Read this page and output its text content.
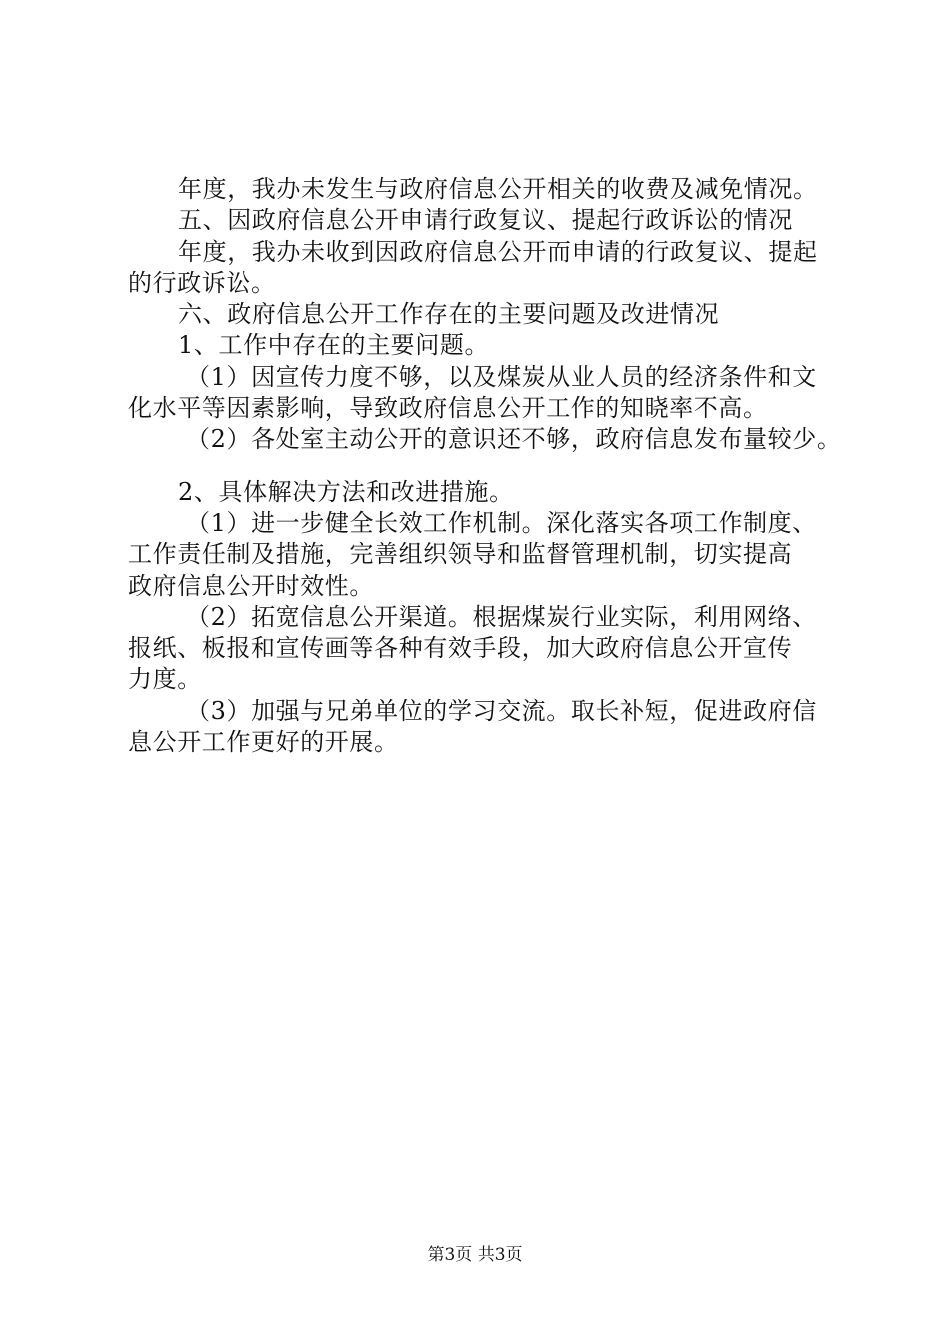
年度，我办未发生与政府信息公开相关的收费及减免情况。
五、因政府信息公开申请行政复议、提起行政诉讼的情况
年度，我办未收到因政府信息公开而申请的行政复议、提起
的行政诉讼。
六、政府信息公开工作存在的主要问题及改进情况
1、工作中存在的主要问题。
（1）因宣传力度不够，以及煤炭从业人员的经济条件和文
化水平等因素影响，导致政府信息公开工作的知晓率不高。
（2）各处室主动公开的意识还不够，政府信息发布量较少。
2、具体解决方法和改进措施。
（1）进一步健全长效工作机制。深化落实各项工作制度、
工作责任制及措施，完善组织领导和监督管理机制，切实提高
政府信息公开时效性。
（2）拓宽信息公开渠道。根据煤炭行业实际，利用网络、
报纸、板报和宣传画等各种有效手段，加大政府信息公开宣传
力度。
（3）加强与兄弟单位的学习交流。取长补短，促进政府信
息公开工作更好的开展。
第3页 共3页
